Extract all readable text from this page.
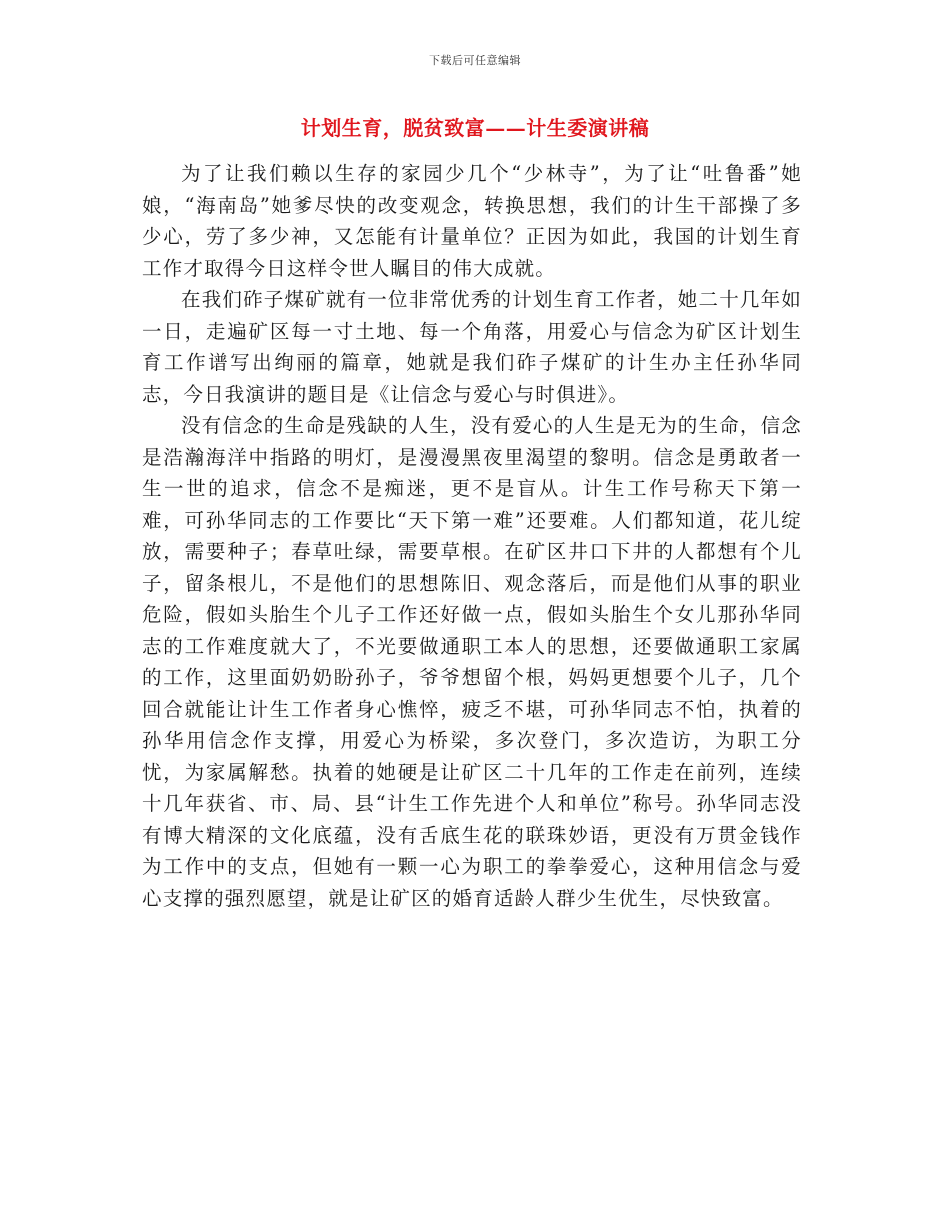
下载后可任意编辑
计划生育，脱贫致富——计生委演讲稿

为了让我们赖以生存的家园少几个“少林寺”，为了让“吐鲁番”她娘，“海南岛”她爹尽快的改变观念，转换思想，我们的计生干部操了多少心，劳了多少神，又怎能有计量单位？正因为如此，我国的计划生育工作才取得今日这样令世人瞩目的伟大成就。

在我们砟子煤矿就有一位非常优秀的计划生育工作者，她二十几年如一日，走遍矿区每一寸土地、每一个角落，用爱心与信念为矿区计划生育工作谱写出绚丽的篇章，她就是我们砟子煤矿的计生办主任孙华同志，今日我演讲的题目是《让信念与爱心与时俱进》。

没有信念的生命是残缺的人生，没有爱心的人生是无为的生命，信念是浩瀚海洋中指路的明灯，是漫漫黑夜里渴望的黎明。信念是勇敢者一生一世的追求，信念不是痴迷，更不是盲从。计生工作号称天下第一难，可孙华同志的工作要比“天下第一难”还要难。人们都知道，花儿绽放，需要种子；春草吐绿，需要草根。在矿区井口下井的人都想有个儿子，留条根儿，不是他们的思想陈旧、观念落后，而是他们从事的职业危险，假如头胎生个儿子工作还好做一点，假如头胎生个女儿那孙华同志的工作难度就大了，不光要做通职工本人的思想，还要做通职工家属的工作，这里面奶奶盼孙子，爷爷想留个根，妈妈更想要个儿子，几个回合就能让计生工作者身心憔悴，疲乏不堪，可孙华同志不怕，执着的孙华用信念作支撑，用爱心为桥梁，多次登门，多次造访，为职工分忧，为家属解愁。执着的她硬是让矿区二十几年的工作走在前列，连续十几年获省、市、局、县“计生工作先进个人和单位”称号。孙华同志没有博大精深的文化底蕴，没有舌底生花的联珠妙语，更没有万贯金钱作为工作中的支点，但她有一颗一心为职工的拳拳爱心，这种用信念与爱心支撑的强烈愿望，就是让矿区的婚育适龄人群少生优生，尽快致富。
